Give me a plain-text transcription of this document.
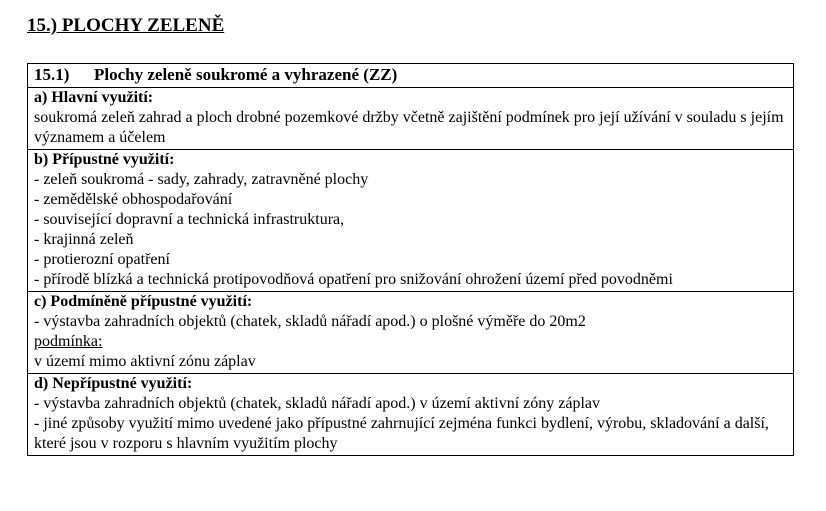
15.) PLOCHY ZELENĚ
15.1) Plochy zeleně soukromé a vyhrazené (ZZ)
a) Hlavní využití:
soukromá zeleň zahrad a ploch drobné pozemkové držby včetně zajištění podmínek pro její užívání v souladu s jejím významem a účelem
b) Přípustné využití:
- zeleň soukromá - sady, zahrady, zatravněné plochy
- zemědělské obhospodařování
- související dopravní a technická infrastruktura,
- krajinná zeleň
- protierozní opatření
- přírodě blízká a technická protipovodňová opatření pro snižování ohrožení území před povodněmi
c) Podmíněně přípustné využití:
- výstavba zahradních objektů (chatek, skladů nářadí apod.) o plošné výměře do 20m2
podmínka:
v území mimo aktivní zónu záplav
d) Nepřípustné využití:
- výstavba zahradních objektů (chatek, skladů nářadí apod.) v území aktivní zóny záplav
- jiné způsoby využití mimo uvedené jako přípustné zahrnující zejména funkci bydlení, výrobu, skladování a další, které jsou v rozporu s hlavním využitím plochy
